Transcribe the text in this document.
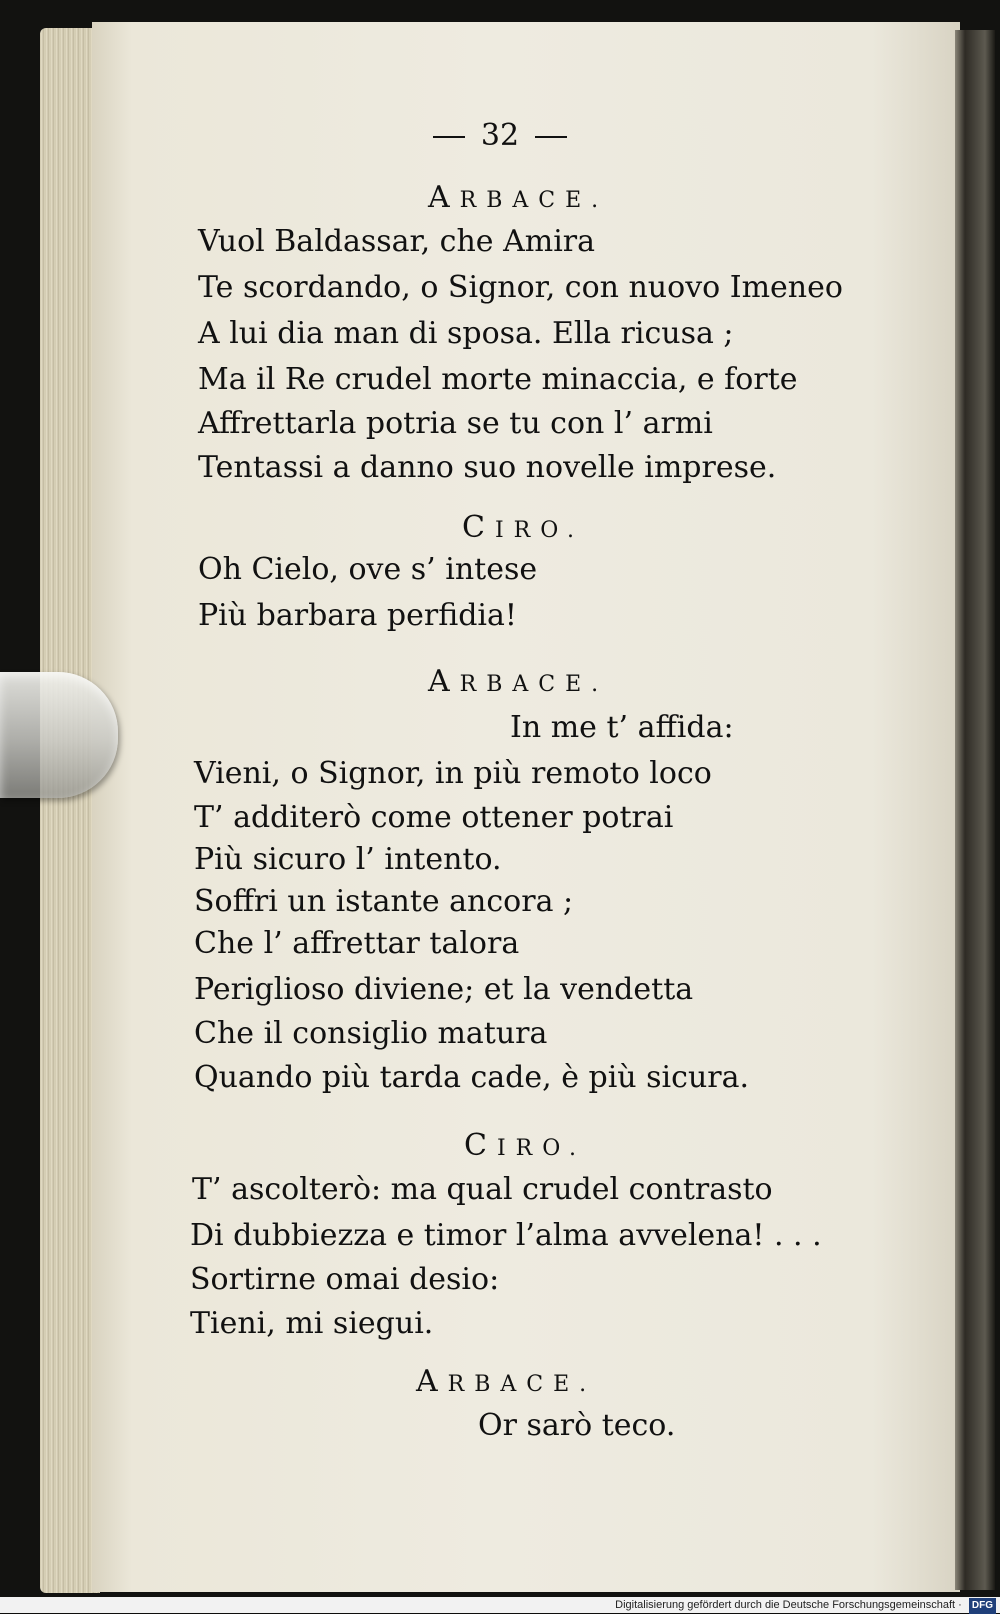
32
ARBACE.
Vuol Baldassar, che Amira
Te scordando, o Signor, con nuovo Imeneo
A lui dia man di sposa. Ella ricusa ;
Ma il Re crudel morte minaccia, e forte
Affrettarla potria se tu con l’ armi
Tentassi a danno suo novelle imprese.
CIRO.
Oh Cielo, ove s’ intese
Più barbara perfidia!
ARBACE.
In me t’ affida:
Vieni, o Signor, in più remoto loco
T’ additerò come ottener potrai
Più sicuro l’ intento.
Soffri un istante ancora ;
Che l’ affrettar talora
Periglioso diviene; et la vendetta
Che il consiglio matura
Quando più tarda cade, è più sicura.
CIRO.
T’ ascolterò: ma qual crudel contrasto
Di dubbiezza e timor l’alma avvelena! . . .
Sortirne omai desio:
Tieni, mi siegui.
ARBACE.
Or sarò teco.
Digitalisierung gefördert durch die Deutsche Forschungsgemeinschaft · DFG
